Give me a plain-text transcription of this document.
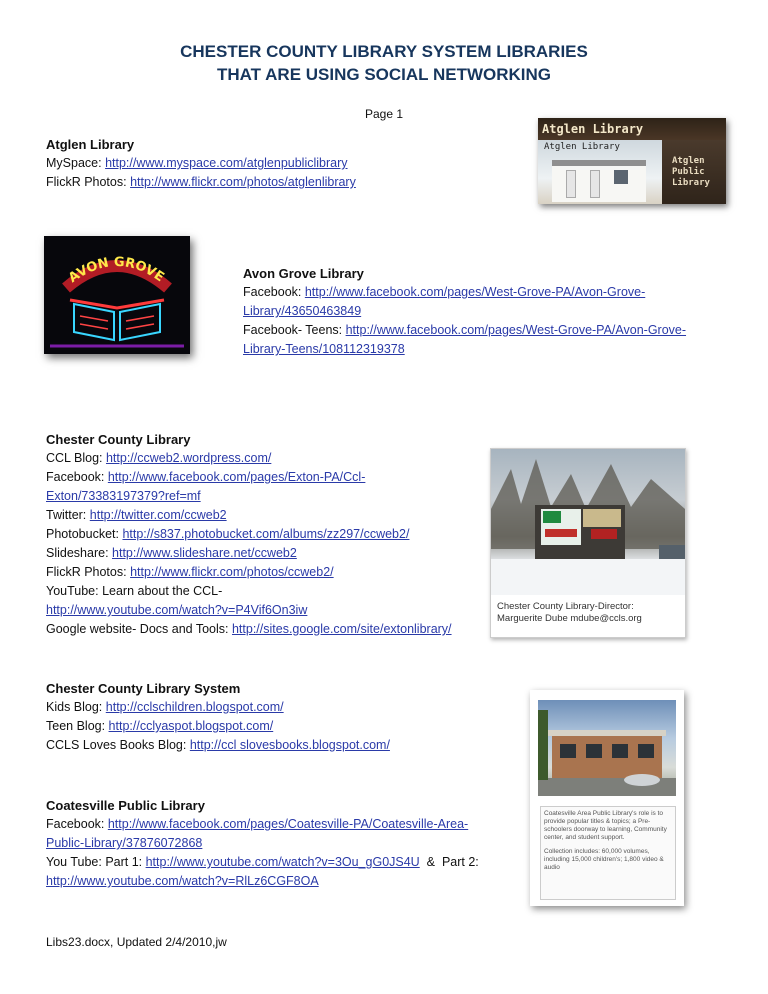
CHESTER COUNTY LIBRARY SYSTEM LIBRARIES
THAT ARE USING SOCIAL NETWORKING
Page 1
Atglen Library
MySpace: http://www.myspace.com/atglenpubliclibrary
FlickR Photos: http://www.flickr.com/photos/atglenlibrary
Atglen Library
Atglen Library
Atglen
Public
Library
AVON GROVE	Avon Grove Library
Facebook: http://www.facebook.com/pages/West-Grove-PA/Avon-Grove-
Library/43650463849
Facebook- Teens: http://www.facebook.com/pages/West-Grove-PA/Avon-Grove-
Library-Teens/108112319378
Chester County Library
CCL Blog: http://ccweb2.wordpress.com/
Facebook: http://www.facebook.com/pages/Exton-PA/Ccl-
Exton/73383197379?ref=mf
Twitter: http://twitter.com/ccweb2
Photobucket: http://s837.photobucket.com/albums/zz297/ccweb2/
Slideshare: http://www.slideshare.net/ccweb2
FlickR Photos: http://www.flickr.com/photos/ccweb2/
YouTube: Learn about the CCL-
http://www.youtube.com/watch?v=P4Vif6On3iw
Google website- Docs and Tools: http://sites.google.com/site/extonlibrary/
Chester County Library-Director:
Marguerite Dube mdube@ccls.org
Chester County Library System
Kids Blog: http://cclschildren.blogspot.com/
Teen Blog: http://cclyaspot.blogspot.com/
CCLS Loves Books Blog: http://ccl slovesbooks.blogspot.com/
Coatesville Public Library
Facebook: http://www.facebook.com/pages/Coatesville-PA/Coatesville-Area-
Public-Library/37876072868
You Tube: Part 1: http://www.youtube.com/watch?v=3Ou_gG0JS4U  &  Part 2:
http://www.youtube.com/watch?v=RlLz6CGF8OA
Coatesville Area Public Library's role is to provide popular titles & topics; a Pre-schoolers doorway to learning, Community center, and student support.
Collection includes: 60,000 volumes, including 15,000 children's; 1,800 video & audio
Libs23.docx, Updated 2/4/2010,jw
